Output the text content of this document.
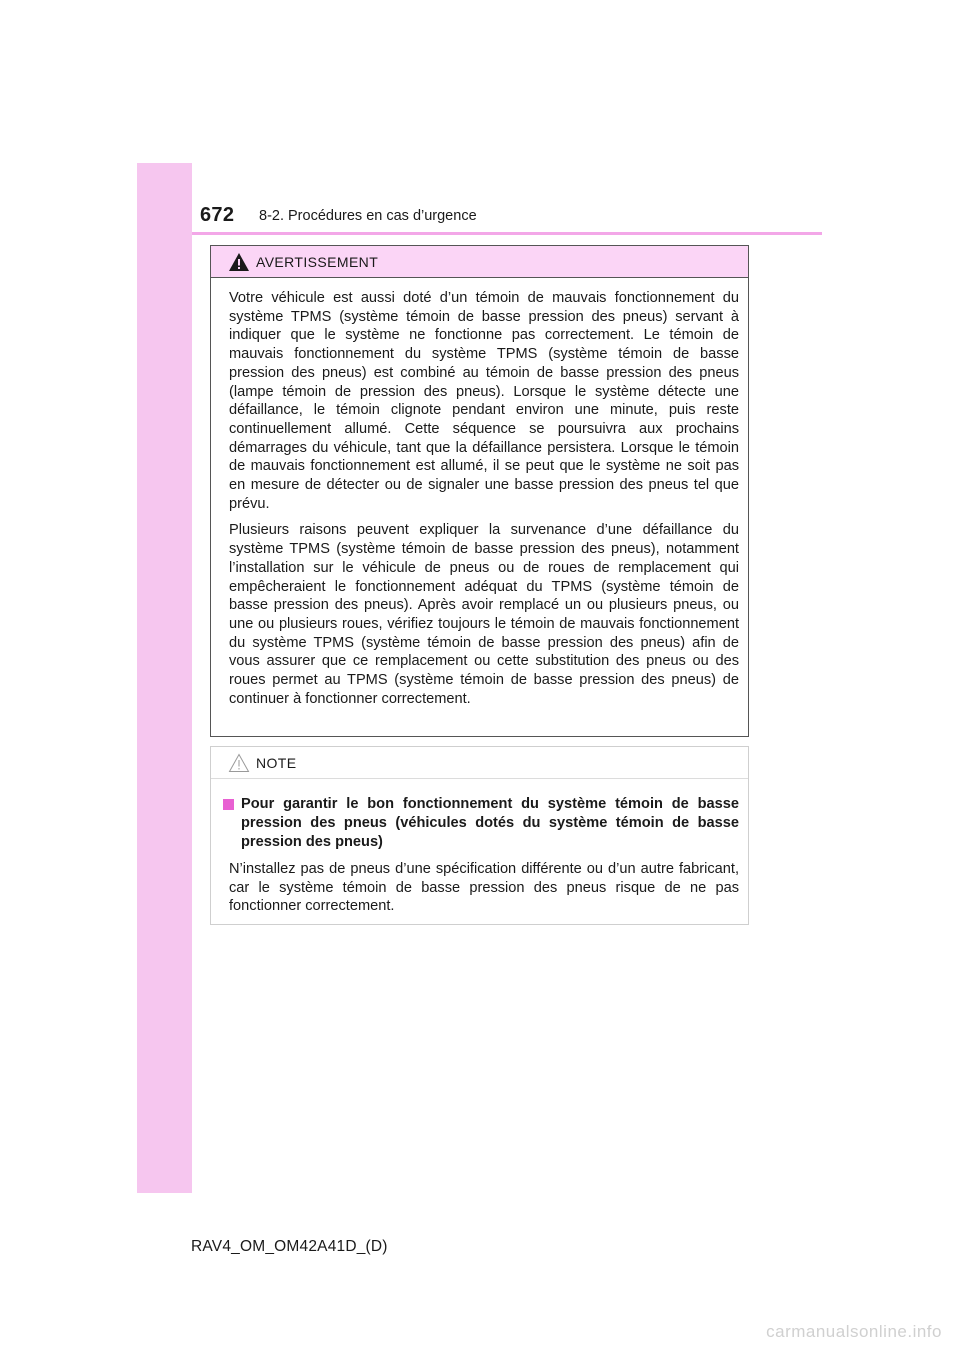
672 8-2. Procédures en cas d’urgence
AVERTISSEMENT

Votre véhicule est aussi doté d’un témoin de mauvais fonctionnement du système TPMS (système témoin de basse pression des pneus) servant à indiquer que le système ne fonctionne pas correctement. Le témoin de mauvais fonctionnement du système TPMS (système témoin de basse pression des pneus) est combiné au témoin de basse pression des pneus (lampe témoin de pression des pneus). Lorsque le système détecte une défaillance, le témoin clignote pendant environ une minute, puis reste continuellement allumé. Cette séquence se poursuivra aux prochains démarrages du véhicule, tant que la défaillance persistera. Lorsque le témoin de mauvais fonctionnement est allumé, il se peut que le système ne soit pas en mesure de détecter ou de signaler une basse pression des pneus tel que prévu.

Plusieurs raisons peuvent expliquer la survenance d’une défaillance du système TPMS (système témoin de basse pression des pneus), notamment l’installation sur le véhicule de pneus ou de roues de remplacement qui empêcheraient le fonctionnement adéquat du TPMS (système témoin de basse pression des pneus). Après avoir remplacé un ou plusieurs pneus, ou une ou plusieurs roues, vérifiez toujours le témoin de mauvais fonctionnement du système TPMS (système témoin de basse pression des pneus) afin de vous assurer que ce remplacement ou cette substitution des pneus ou des roues permet au TPMS (système témoin de basse pression des pneus) de continuer à fonctionner correctement.

NOTE
Pour garantir le bon fonctionnement du système témoin de basse pression des pneus (véhicules dotés du système témoin de basse pression des pneus)

N’installez pas de pneus d’une spécification différente ou d’un autre fabricant, car le système témoin de basse pression des pneus risque de ne pas fonctionner correctement.

RAV4_OM_OM42A41D_(D)
carmanualsonline.info
